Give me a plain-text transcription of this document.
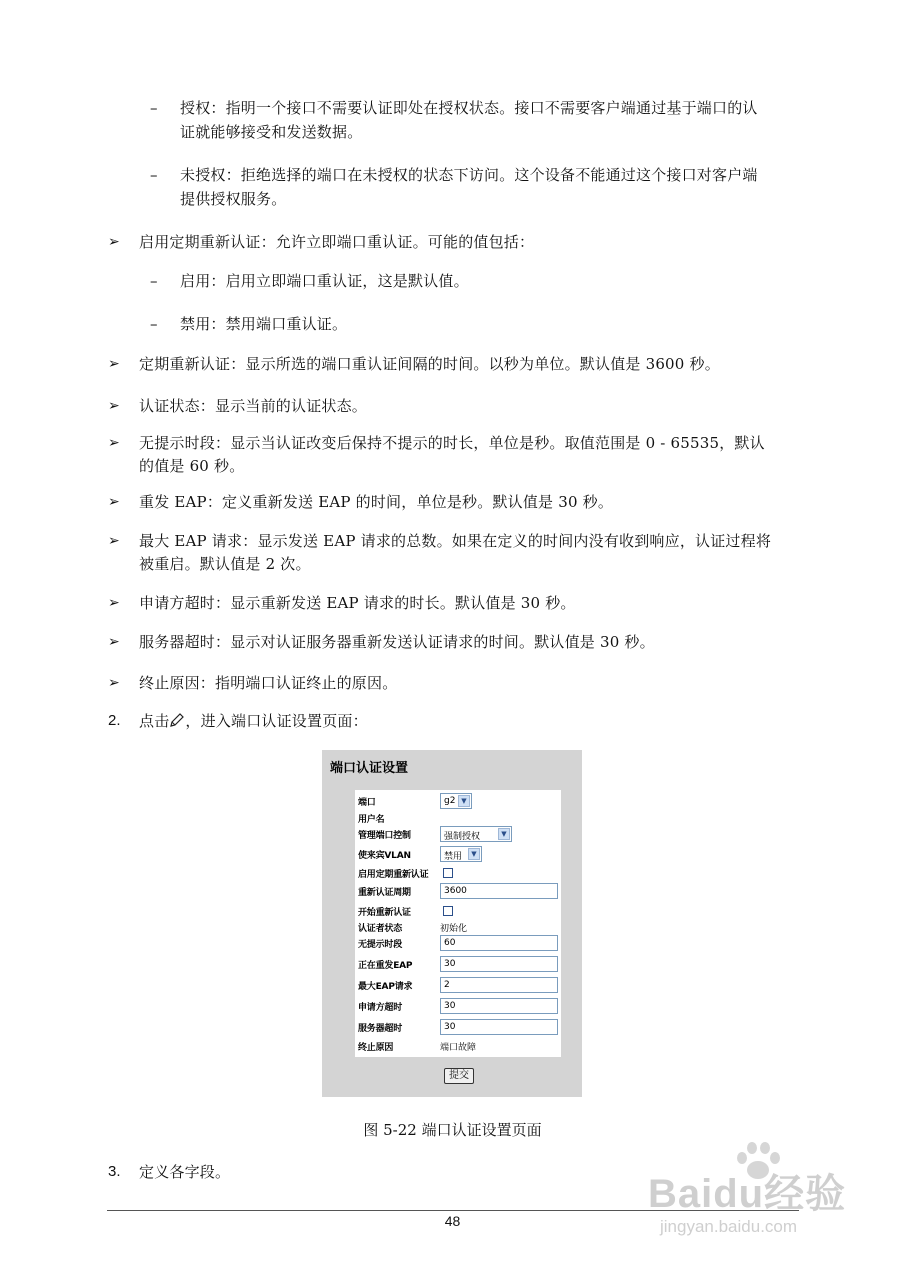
– 授权：指明一个接口不需要认证即处在授权状态。接口不需要客户端通过基于端口的认
证就能够接受和发送数据。
– 未授权：拒绝选择的端口在未授权的状态下访问。这个设备不能通过这个接口对客户端
提供授权服务。
➢ 启用定期重新认证：允许立即端口重认证。可能的值包括：
– 启用：启用立即端口重认证，这是默认值。
– 禁用：禁用端口重认证。
➢ 定期重新认证：显示所选的端口重认证间隔的时间。以秒为单位。默认值是 3600 秒。
➢ 认证状态：显示当前的认证状态。
➢ 无提示时段：显示当认证改变后保持不提示的时长，单位是秒。取值范围是 0 - 65535，默认
的值是 60 秒。
➢ 重发 EAP：定义重新发送 EAP 的时间，单位是秒。默认值是 30 秒。
➢ 最大 EAP 请求：显示发送 EAP 请求的总数。如果在定义的时间内没有收到响应，认证过程将
被重启。默认值是 2 次。
➢ 申请方超时：显示重新发送 EAP 请求的时长。默认值是 30 秒。
➢ 服务器超时：显示对认证服务器重新发送认证请求的时间。默认值是 30 秒。
➢ 终止原因：指明端口认证终止的原因。
2. 点击 ，进入端口认证设置页面：
端口认证设置
端口	g2 ▼
用户名
管理端口控制	强制授权	▼
使来宾VLAN	禁用	▼
启用定期重新认证
重新认证周期	3600
开始重新认证
认证者状态	初始化
无提示时段	60
正在重发EAP	30
最大EAP请求	2
申请方超时	30
服务器超时	30
终止原因	端口故障
提交
图 5-22 端口认证设置页面
3. 定义各字段。
48
Baidu经验
jingyan.baidu.com
